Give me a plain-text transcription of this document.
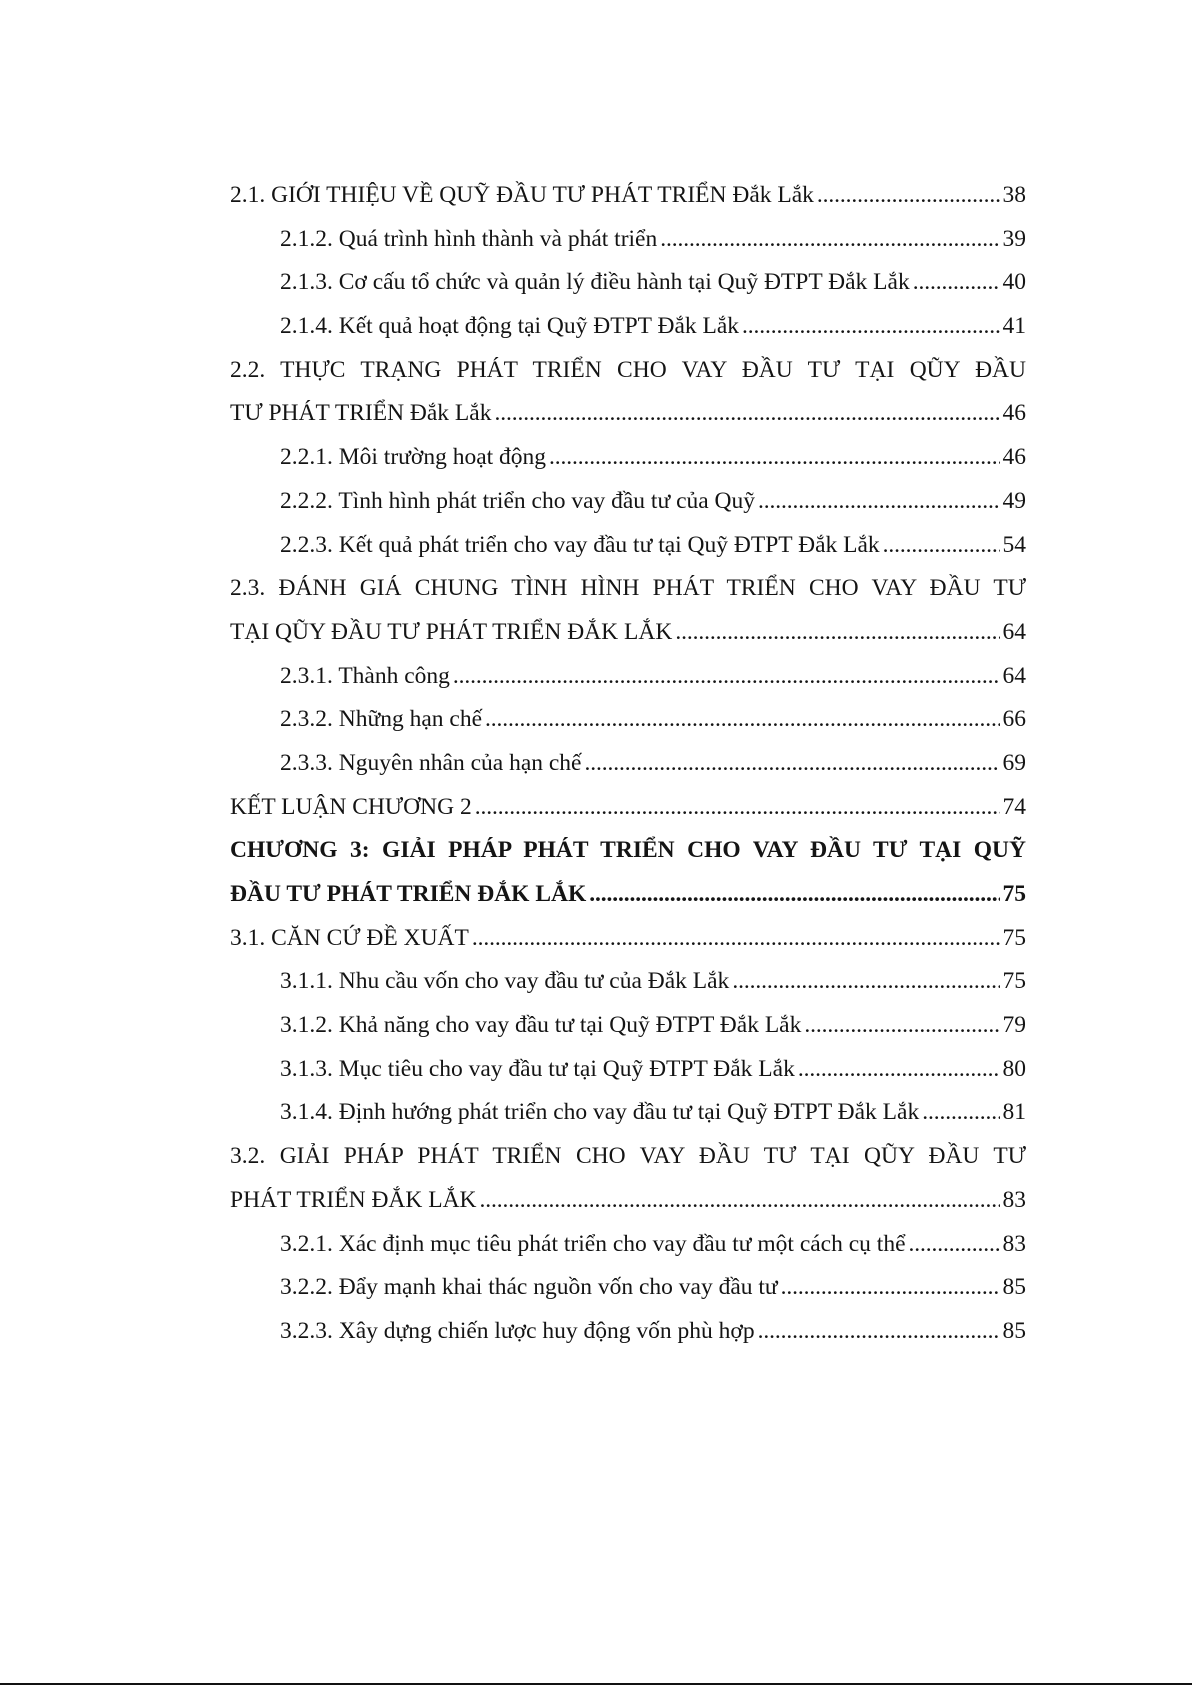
2.1. GIỚI THIỆU VỀ QUỸ ĐẦU TƯ PHÁT TRIỂN Đắk Lắk . . .	38
2.1.2. Quá trình hình thành và phát triển . . .	39
2.1.3. Cơ cấu tổ chức và quản lý điều hành tại Quỹ ĐTPT Đắk Lắk . . .	40
2.1.4. Kết quả hoạt động tại Quỹ ĐTPT Đắk Lắk . . .	41
2.2. THỰC TRẠNG PHÁT TRIỂN CHO VAY ĐẦU TƯ TẠI QŨY ĐẦU
TƯ PHÁT TRIỂN Đắk Lắk . . .	46
2.2.1. Môi trường hoạt động . . .	46
2.2.2. Tình hình phát triển cho vay đầu tư của Quỹ . . .	49
2.2.3. Kết quả phát triển cho vay đầu tư tại Quỹ ĐTPT Đắk Lắk . . .	54
2.3. ĐÁNH GIÁ CHUNG TÌNH HÌNH PHÁT TRIỂN CHO VAY ĐẦU TƯ
TẠI QŨY ĐẦU TƯ PHÁT TRIỂN ĐẮK LẮK . . .	64
2.3.1. Thành công . . .	64
2.3.2. Những hạn chế . . .	66
2.3.3. Nguyên nhân của hạn chế . . .	69
KẾT LUẬN CHƯƠNG 2 . . .	74
CHƯƠNG 3: GIẢI PHÁP PHÁT TRIỂN CHO VAY ĐẦU TƯ TẠI QUỸ
ĐẦU TƯ PHÁT TRIỂN ĐẮK LẮK . . .	75
3.1. CĂN CỨ ĐỀ XUẤT . . .	75
3.1.1. Nhu cầu vốn cho vay đầu tư của Đắk Lắk . . .	75
3.1.2. Khả năng cho vay đầu tư tại Quỹ ĐTPT Đắk Lắk . . .	79
3.1.3. Mục tiêu cho vay đầu tư tại Quỹ ĐTPT Đắk Lắk . . .	80
3.1.4. Định hướng phát triển cho vay đầu tư tại Quỹ ĐTPT Đắk Lắk . . .	81
3.2. GIẢI PHÁP PHÁT TRIỂN CHO VAY ĐẦU TƯ TẠI QŨY ĐẦU TƯ
PHÁT TRIỂN ĐẮK LẮK . . .	83
3.2.1. Xác định mục tiêu phát triển cho vay đầu tư một cách cụ thể . . .	83
3.2.2. Đẩy mạnh khai thác nguồn vốn cho vay đầu tư . . .	85
3.2.3. Xây dựng chiến lược huy động vốn phù hợp . . .	85
